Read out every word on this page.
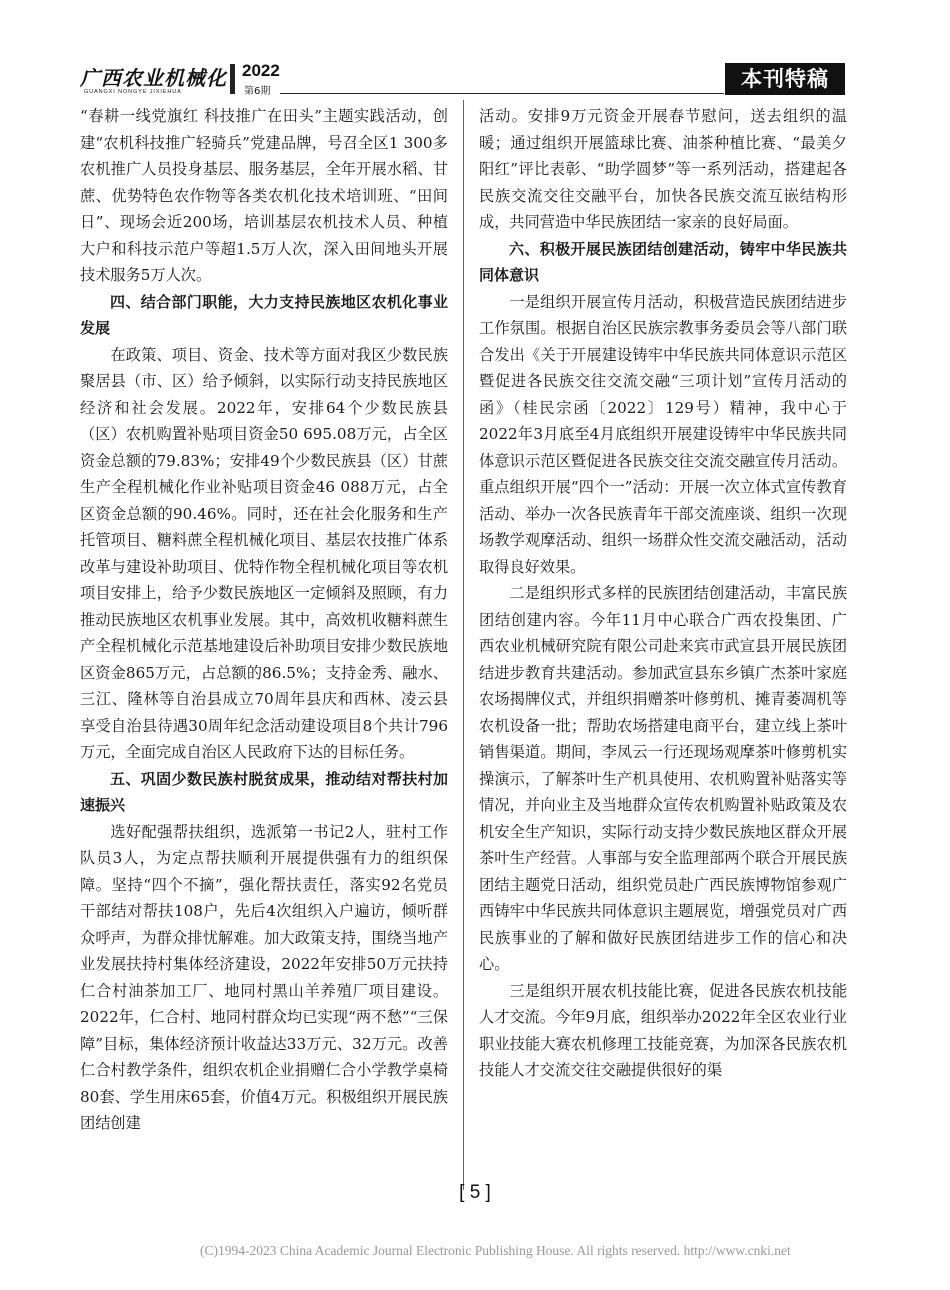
广西农业机械化
GUANGXI NONGYE JIXIEHUA
2022
第6期
本刊特稿

“春耕一线党旗红 科技推广在田头”主题实践活动，创建“农机科技推广轻骑兵”党建品牌，号召全区1 300多农机推广人员投身基层、服务基层，全年开展水稻、甘蔗、优势特色农作物等各类农机化技术培训班、“田间日”、现场会近200场，培训基层农机技术人员、种植大户和科技示范户等超1.5万人次，深入田间地头开展技术服务5万人次。

四、结合部门职能，大力支持民族地区农机化事业发展

在政策、项目、资金、技术等方面对我区少数民族聚居县（市、区）给予倾斜，以实际行动支持民族地区经济和社会发展。2022年，安排64个少数民族县（区）农机购置补贴项目资金50 695.08万元，占全区资金总额的79.83%；安排49个少数民族县（区）甘蔗生产全程机械化作业补贴项目资金46 088万元，占全区资金总额的90.46%。同时，还在社会化服务和生产托管项目、糖料蔗全程机械化项目、基层农技推广体系改革与建设补助项目、优特作物全程机械化项目等农机项目安排上，给予少数民族地区一定倾斜及照顾，有力推动民族地区农机事业发展。其中，高效机收糖料蔗生产全程机械化示范基地建设后补助项目安排少数民族地区资金865万元，占总额的86.5%；支持金秀、融水、三江、隆林等自治县成立70周年县庆和西林、凌云县享受自治县待遇30周年纪念活动建设项目8个共计796万元，全面完成自治区人民政府下达的目标任务。

五、巩固少数民族村脱贫成果，推动结对帮扶村加速振兴

选好配强帮扶组织，选派第一书记2人，驻村工作队员3人，为定点帮扶顺利开展提供强有力的组织保障。坚持“四个不摘”，强化帮扶责任，落实92名党员干部结对帮扶108户，先后4次组织入户遍访，倾听群众呼声，为群众排忧解难。加大政策支持，围绕当地产业发展扶持村集体经济建设，2022年安排50万元扶持仁合村油茶加工厂、地同村黑山羊养殖厂项目建设。2022年，仁合村、地同村群众均已实现“两不愁”“三保障”目标，集体经济预计收益达33万元、32万元。改善仁合村教学条件，组织农机企业捐赠仁合小学教学桌椅80套、学生用床65套，价值4万元。积极组织开展民族团结创建

活动。安排9万元资金开展春节慰问，送去组织的温暖；通过组织开展篮球比赛、油茶种植比赛、“最美夕阳红”评比表彰、“助学圆梦”等一系列活动，搭建起各民族交流交往交融平台，加快各民族交流互嵌结构形成，共同营造中华民族团结一家亲的良好局面。

六、积极开展民族团结创建活动，铸牢中华民族共同体意识

一是组织开展宣传月活动，积极营造民族团结进步工作氛围。根据自治区民族宗教事务委员会等八部门联合发出《关于开展建设铸牢中华民族共同体意识示范区暨促进各民族交往交流交融“三项计划”宣传月活动的函》（桂民宗函〔2022〕129号）精神，我中心于2022年3月底至4月底组织开展建设铸牢中华民族共同体意识示范区暨促进各民族交往交流交融宣传月活动。重点组织开展“四个一”活动：开展一次立体式宣传教育活动、举办一次各民族青年干部交流座谈、组织一次现场教学观摩活动、组织一场群众性交流交融活动，活动取得良好效果。

二是组织形式多样的民族团结创建活动，丰富民族团结创建内容。今年11月中心联合广西农投集团、广西农业机械研究院有限公司赴来宾市武宣县开展民族团结进步教育共建活动。参加武宣县东乡镇广杰茶叶家庭农场揭牌仪式，并组织捐赠茶叶修剪机、摊青萎凋机等农机设备一批；帮助农场搭建电商平台，建立线上茶叶销售渠道。期间，李凤云一行还现场观摩茶叶修剪机实操演示，了解茶叶生产机具使用、农机购置补贴落实等情况，并向业主及当地群众宣传农机购置补贴政策及农机安全生产知识，实际行动支持少数民族地区群众开展茶叶生产经营。人事部与安全监理部两个联合开展民族团结主题党日活动，组织党员赴广西民族博物馆参观广西铸牢中华民族共同体意识主题展览，增强党员对广西民族事业的了解和做好民族团结进步工作的信心和决心。

三是组织开展农机技能比赛，促进各民族农机技能人才交流。今年9月底，组织举办2022年全区农业行业职业技能大赛农机修理工技能竞赛，为加深各民族农机技能人才交流交往交融提供很好的渠

[ 5 ]
(C)1994-2023 China Academic Journal Electronic Publishing House. All rights reserved. http://www.cnki.net
